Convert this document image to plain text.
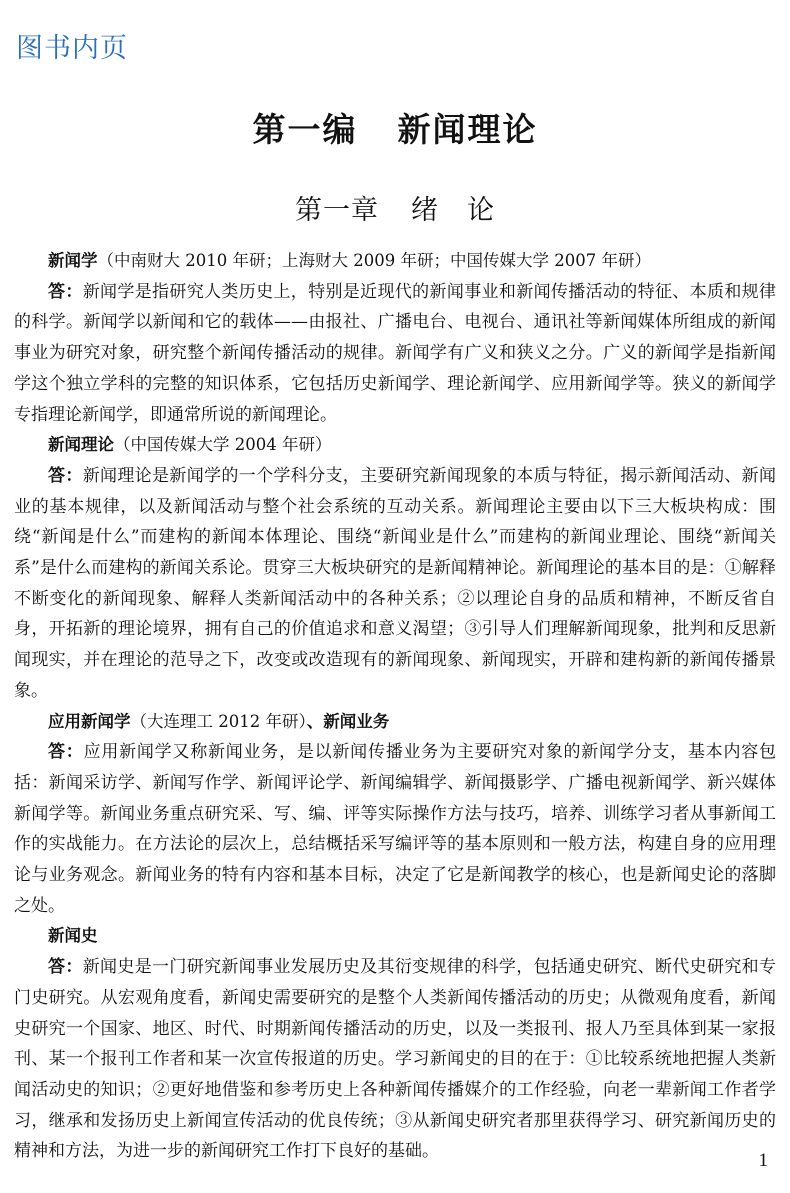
图书内页
第一编 新闻理论
第一章 绪　论

新闻学（中南财大 2010 年研；上海财大 2009 年研；中国传媒大学 2007 年研）

答：新闻学是指研究人类历史上，特别是近现代的新闻事业和新闻传播活动的特征、本质和规律的科学。新闻学以新闻和它的载体——由报社、广播电台、电视台、通讯社等新闻媒体所组成的新闻事业为研究对象，研究整个新闻传播活动的规律。新闻学有广义和狭义之分。广义的新闻学是指新闻学这个独立学科的完整的知识体系，它包括历史新闻学、理论新闻学、应用新闻学等。狭义的新闻学专指理论新闻学，即通常所说的新闻理论。

新闻理论（中国传媒大学 2004 年研）

答：新闻理论是新闻学的一个学科分支，主要研究新闻现象的本质与特征，揭示新闻活动、新闻业的基本规律，以及新闻活动与整个社会系统的互动关系。新闻理论主要由以下三大板块构成：围绕“新闻是什么”而建构的新闻本体理论、围绕“新闻业是什么”而建构的新闻业理论、围绕“新闻关系”是什么而建构的新闻关系论。贯穿三大板块研究的是新闻精神论。新闻理论的基本目的是：①解释不断变化的新闻现象、解释人类新闻活动中的各种关系；②以理论自身的品质和精神，不断反省自身，开拓新的理论境界，拥有自己的价值追求和意义渴望；③引导人们理解新闻现象，批判和反思新闻现实，并在理论的范导之下，改变或改造现有的新闻现象、新闻现实，开辟和建构新的新闻传播景象。

应用新闻学（大连理工 2012 年研）、新闻业务

答：应用新闻学又称新闻业务，是以新闻传播业务为主要研究对象的新闻学分支，基本内容包括：新闻采访学、新闻写作学、新闻评论学、新闻编辑学、新闻摄影学、广播电视新闻学、新兴媒体新闻学等。新闻业务重点研究采、写、编、评等实际操作方法与技巧，培养、训练学习者从事新闻工作的实战能力。在方法论的层次上，总结概括采写编评等的基本原则和一般方法，构建自身的应用理论与业务观念。新闻业务的特有内容和基本目标，决定了它是新闻教学的核心，也是新闻史论的落脚之处。

新闻史

答：新闻史是一门研究新闻事业发展历史及其衍变规律的科学，包括通史研究、断代史研究和专门史研究。从宏观角度看，新闻史需要研究的是整个人类新闻传播活动的历史；从微观角度看，新闻史研究一个国家、地区、时代、时期新闻传播活动的历史，以及一类报刊、报人乃至具体到某一家报刊、某一个报刊工作者和某一次宣传报道的历史。学习新闻史的目的在于：①比较系统地把握人类新闻活动史的知识；②更好地借鉴和参考历史上各种新闻传播媒介的工作经验，向老一辈新闻工作者学习，继承和发扬历史上新闻宣传活动的优良传统；③从新闻史研究者那里获得学习、研究新闻历史的精神和方法，为进一步的新闻研究工作打下良好的基础。	1
